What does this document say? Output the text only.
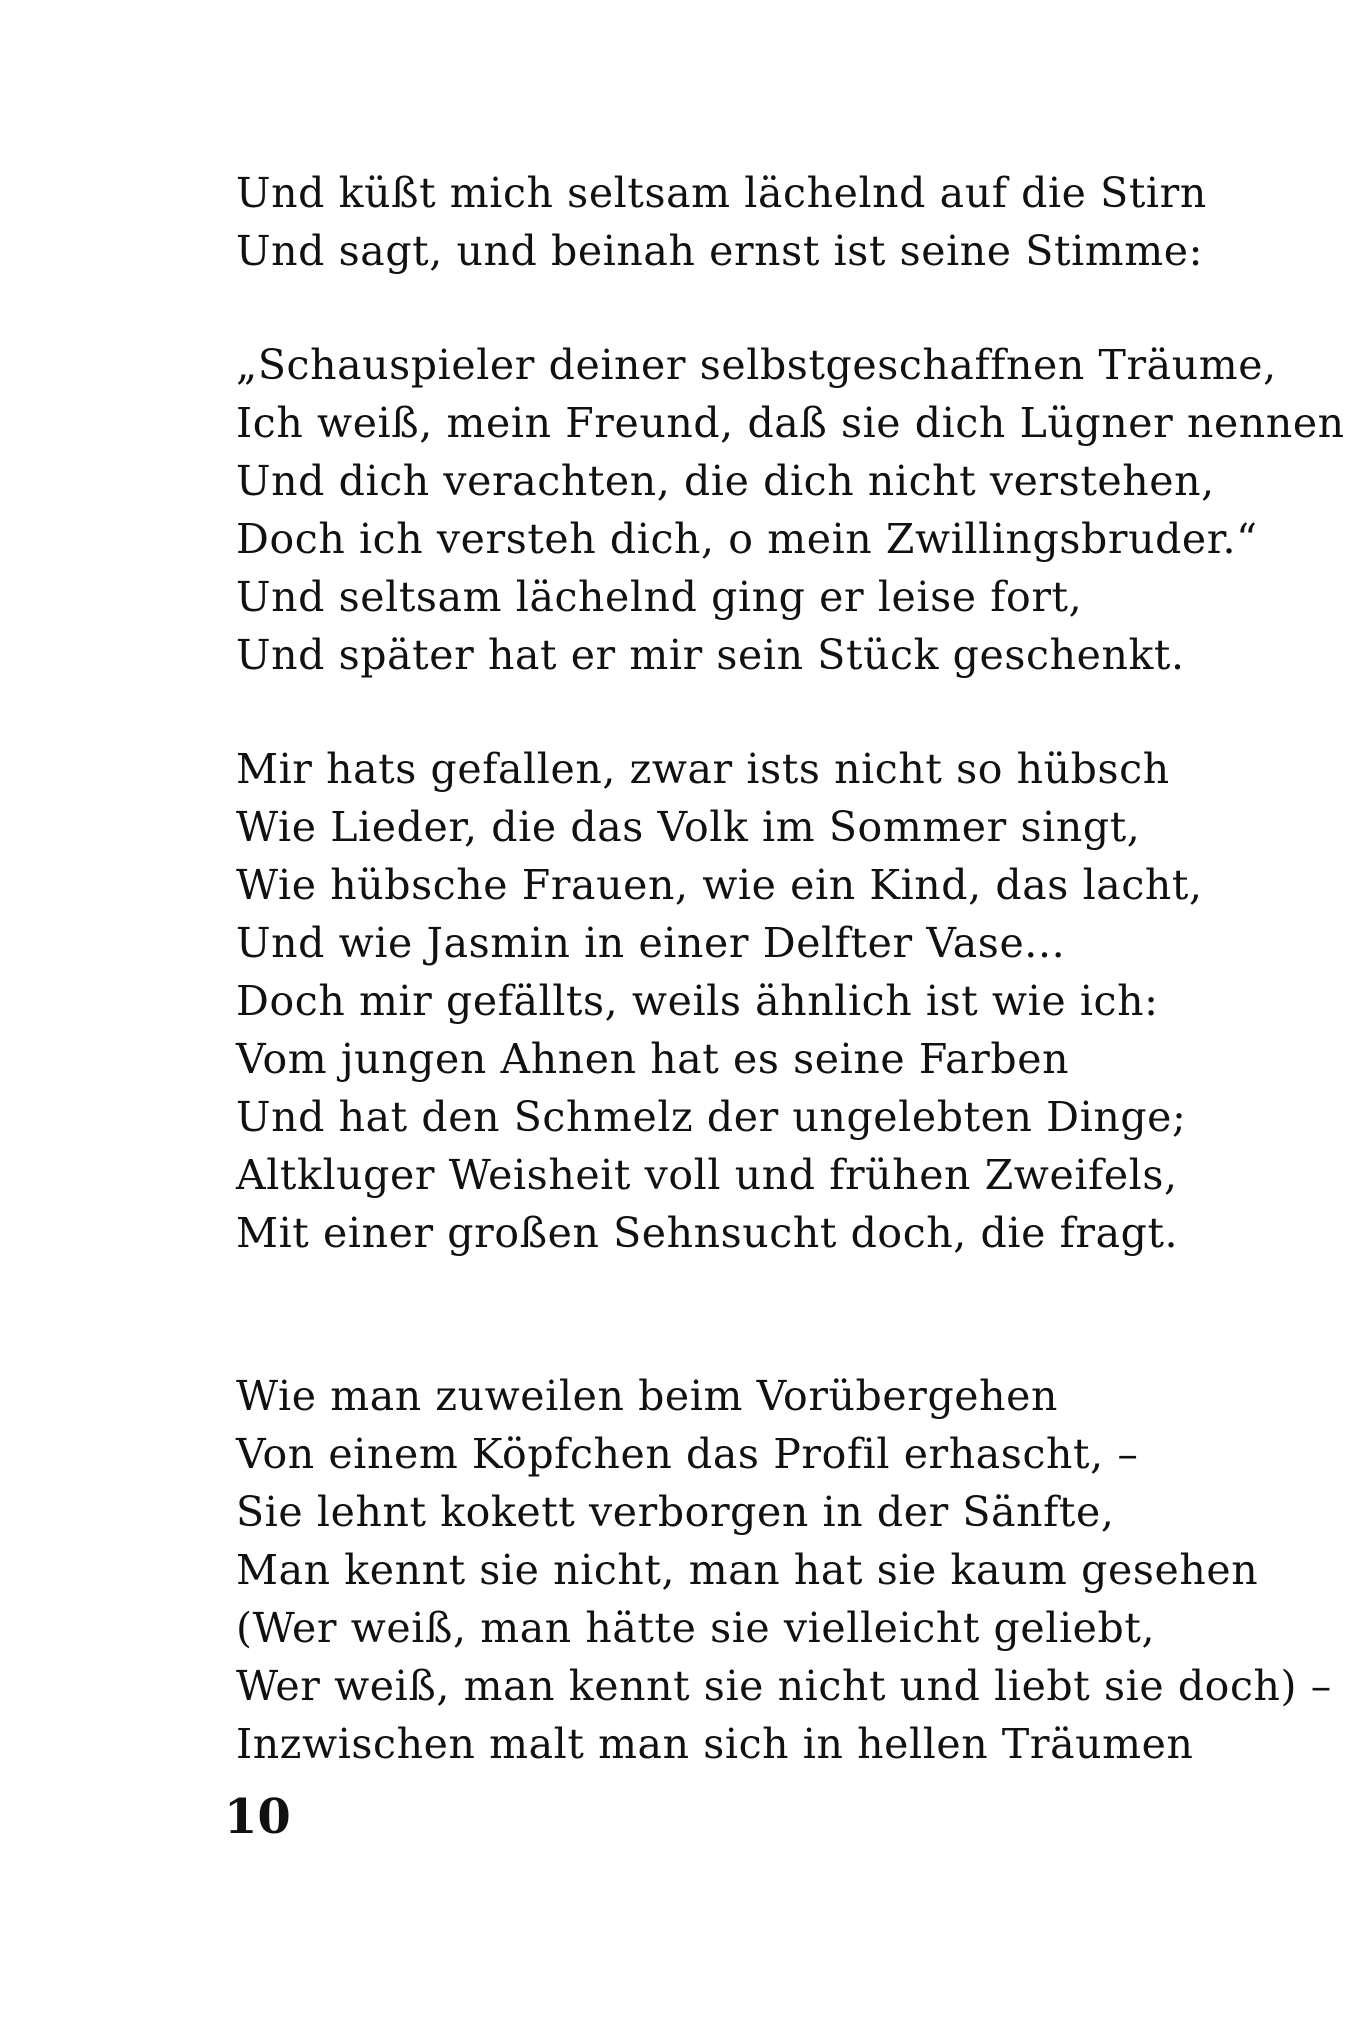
Und küßt mich seltsam lächelnd auf die Stirn
Und sagt, und beinah ernst ist seine Stimme:
„Schauspieler deiner selbstgeschaffnen Träume,
Ich weiß, mein Freund, daß sie dich Lügner nennen
Und dich verachten, die dich nicht verstehen,
Doch ich versteh dich, o mein Zwillingsbruder.“
Und seltsam lächelnd ging er leise fort,
Und später hat er mir sein Stück geschenkt.
Mir hats gefallen, zwar ists nicht so hübsch
Wie Lieder, die das Volk im Sommer singt,
Wie hübsche Frauen, wie ein Kind, das lacht,
Und wie Jasmin in einer Delfter Vase...
Doch mir gefällts, weils ähnlich ist wie ich:
Vom jungen Ahnen hat es seine Farben
Und hat den Schmelz der ungelebten Dinge;
Altkluger Weisheit voll und frühen Zweifels,
Mit einer großen Sehnsucht doch, die fragt.
Wie man zuweilen beim Vorübergehen
Von einem Köpfchen das Profil erhascht, –
Sie lehnt kokett verborgen in der Sänfte,
Man kennt sie nicht, man hat sie kaum gesehen
(Wer weiß, man hätte sie vielleicht geliebt,
Wer weiß, man kennt sie nicht und liebt sie doch) –
Inzwischen malt man sich in hellen Träumen
10
